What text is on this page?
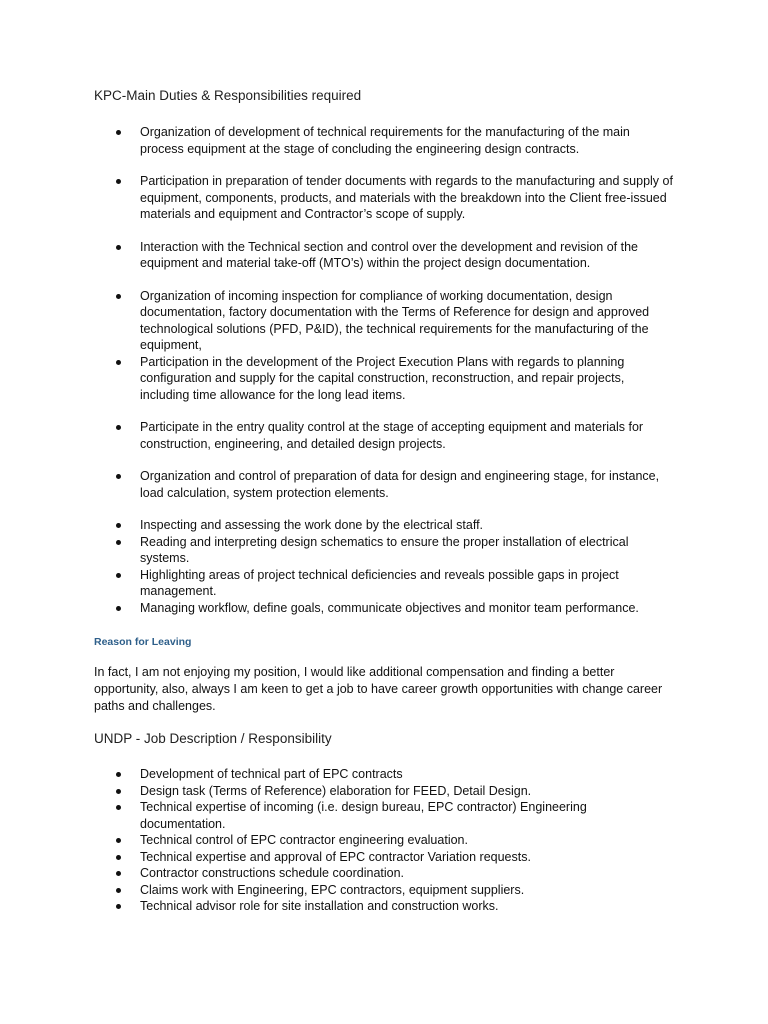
KPC-Main Duties & Responsibilities required
Organization of development of technical requirements for the manufacturing of the main process equipment at the stage of concluding the engineering design contracts.
Participation in preparation of tender documents with regards to the manufacturing and supply of equipment, components, products, and materials with the breakdown into the Client free-issued materials and equipment and Contractor’s scope of supply.
Interaction with the Technical section and control over the development and revision of the equipment and material take-off (MTO’s) within the project design documentation.
Organization of incoming inspection for compliance of working documentation, design documentation, factory documentation with the Terms of Reference for design and approved technological solutions (PFD, P&ID), the technical requirements for the manufacturing of the equipment,
Participation in the development of the Project Execution Plans with regards to planning configuration and supply for the capital construction, reconstruction, and repair projects, including time allowance for the long lead items.
Participate in the entry quality control at the stage of accepting equipment and materials for construction, engineering, and detailed design projects.
Organization and control of preparation of data for design and engineering stage, for instance, load calculation, system protection elements.
Inspecting and assessing the work done by the electrical staff.
Reading and interpreting design schematics to ensure the proper installation of electrical systems.
Highlighting areas of project technical deficiencies and reveals possible gaps in project management.
Managing workflow, define goals, communicate objectives and monitor team performance.
Reason for Leaving
In fact, I am not enjoying my position, I would like additional compensation and finding a better opportunity, also, always I am keen to get a job to have career growth opportunities with change career paths and challenges.
UNDP - Job Description / Responsibility
Development of technical part of EPC contracts
Design task (Terms of Reference) elaboration for FEED, Detail Design.
Technical expertise of incoming (i.e. design bureau, EPC contractor) Engineering documentation.
Technical control of EPC contractor engineering evaluation.
Technical expertise and approval of EPC contractor Variation requests.
Contractor constructions schedule coordination.
Claims work with Engineering, EPC contractors, equipment suppliers.
Technical advisor role for site installation and construction works.
